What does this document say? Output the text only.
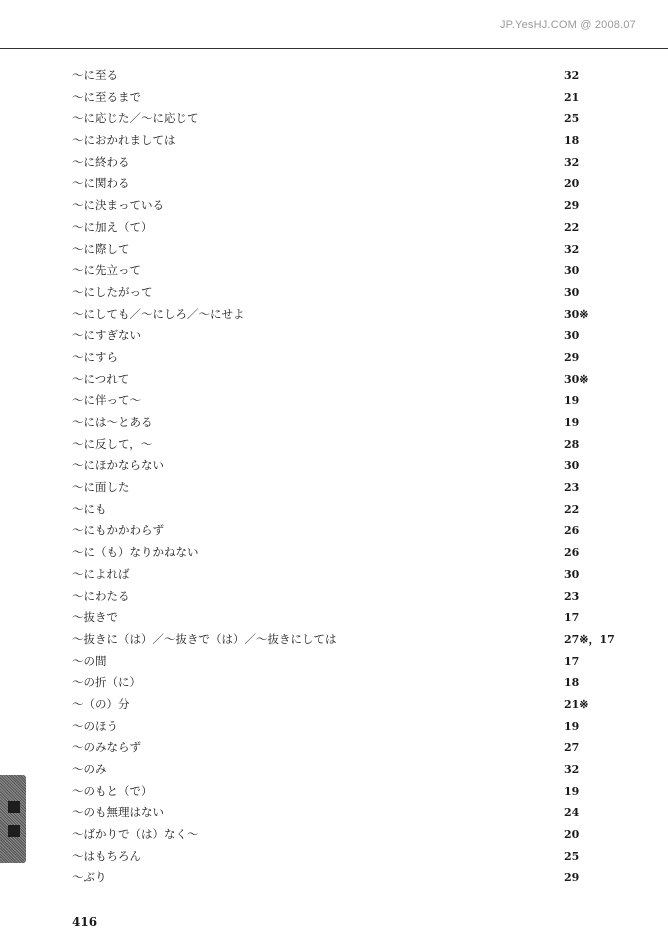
JP.YesHJ.COM @ 2008.07
～に至る	32
～に至るまで	21
～に応じた／～に応じて	25
～におかれましては	18
～に終わる	32
～に関わる	20
～に決まっている	29
～に加え（て）	22
～に際して	32
～に先立って	30
～にしたがって	30
～にしても／～にしろ／～にせよ	30※
～にすぎない	30
～にすら	29
～につれて	30※
～に伴って～	19
～には～とある	19
～に反して，～	28
～にほかならない	30
～に面した	23
～にも	22
～にもかかわらず	26
～に（も）なりかねない	26
～によれば	30
～にわたる	23
～抜きで	17
～抜きに（は）／～抜きで（は）／～抜きにしては	27※，17
～の間	17
～の折（に）	18
～（の）分	21※
～のほう	19
～のみならず	27
～のみ	32
～のもと（で）	19
～のも無理はない	24
～ばかりで（は）なく～	20
～はもちろん	25
～ぶり	29
416
